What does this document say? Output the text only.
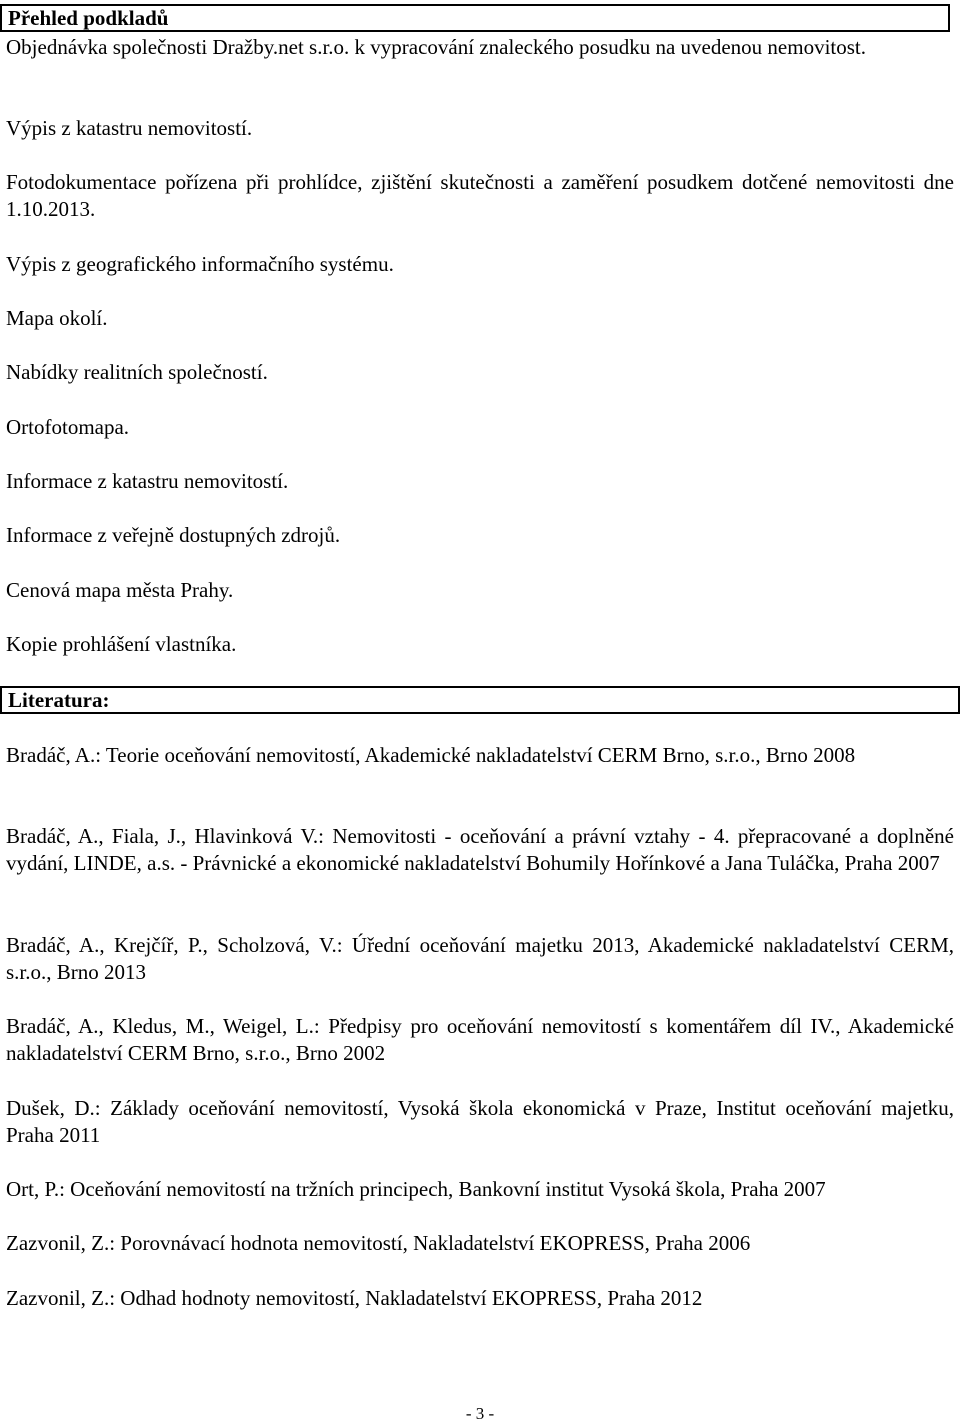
Přehled podkladů

Objednávka společnosti Dražby.net s.r.o. k vypracování znaleckého posudku na uvedenou nemovitost.

Výpis z katastru nemovitostí.

Fotodokumentace pořízena při prohlídce, zjištění skutečnosti a zaměření posudkem dotčené nemovitosti dne 1.10.2013.

Výpis z geografického informačního systému.

Mapa okolí.

Nabídky realitních společností.

Ortofotomapa.

Informace z katastru nemovitostí.

Informace z veřejně dostupných zdrojů.

Cenová mapa města Prahy.

Kopie prohlášení vlastníka.

Literatura:

Bradáč, A.: Teorie oceňování nemovitostí, Akademické nakladatelství CERM Brno, s.r.o., Brno 2008

Bradáč, A., Fiala, J., Hlavinková V.: Nemovitosti - oceňování a právní vztahy - 4. přepracované a doplněné vydání, LINDE, a.s. - Právnické a ekonomické nakladatelství Bohumily Hořínkové a Jana Tuláčka, Praha 2007

Bradáč, A., Krejčíř, P., Scholzová, V.: Úřední oceňování majetku 2013, Akademické nakladatelství CERM, s.r.o., Brno 2013

Bradáč, A., Kledus, M., Weigel, L.: Předpisy pro oceňování nemovitostí s komentářem díl IV., Akademické nakladatelství CERM Brno, s.r.o., Brno 2002

Dušek, D.: Základy oceňování nemovitostí, Vysoká škola ekonomická v Praze, Institut oceňování majetku, Praha 2011

Ort, P.: Oceňování nemovitostí na tržních principech, Bankovní institut Vysoká škola, Praha 2007

Zazvonil, Z.: Porovnávací hodnota nemovitostí, Nakladatelství EKOPRESS, Praha 2006

Zazvonil, Z.: Odhad hodnoty nemovitostí, Nakladatelství EKOPRESS, Praha 2012

- 3 -
